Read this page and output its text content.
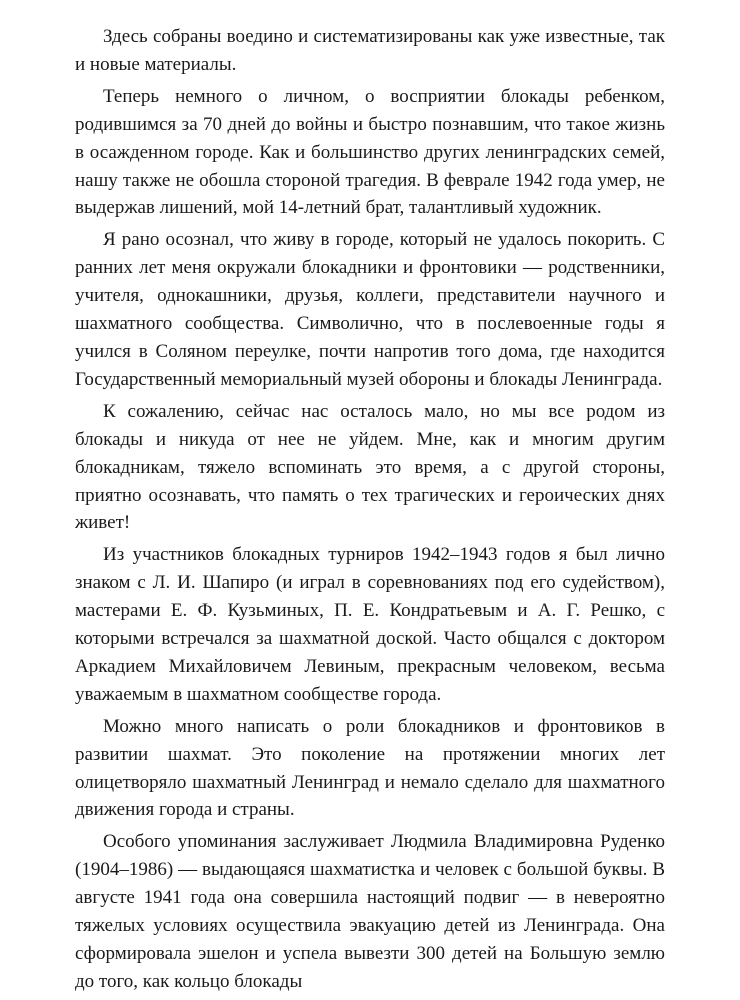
Здесь собраны воедино и систематизированы как уже известные, так и новые материалы.

Теперь немного о личном, о восприятии блокады ребенком, родившимся за 70 дней до войны и быстро познавшим, что такое жизнь в осажденном городе. Как и большинство других ленинградских семей, нашу также не обошла стороной трагедия. В феврале 1942 года умер, не выдержав лишений, мой 14-летний брат, талантливый художник.

Я рано осознал, что живу в городе, который не удалось покорить. С ранних лет меня окружали блокадники и фронтовики — родственники, учителя, однокашники, друзья, коллеги, представители научного и шахматного сообщества. Символично, что в послевоенные годы я учился в Соляном переулке, почти напротив того дома, где находится Государственный мемориальный музей обороны и блокады Ленинграда.

К сожалению, сейчас нас осталось мало, но мы все родом из блокады и никуда от нее не уйдем. Мне, как и многим другим блокадникам, тяжело вспоминать это время, а с другой стороны, приятно осознавать, что память о тех трагических и героических днях живет!

Из участников блокадных турниров 1942–1943 годов я был лично знаком с Л. И. Шапиро (и играл в соревнованиях под его судейством), мастерами Е. Ф. Кузьминых, П. Е. Кондратьевым и А. Г. Решко, с которыми встречался за шахматной доской. Часто общался с доктором Аркадием Михайловичем Левиным, прекрасным человеком, весьма уважаемым в шахматном сообществе города.

Можно много написать о роли блокадников и фронтовиков в развитии шахмат. Это поколение на протяжении многих лет олицетворяло шахматный Ленинград и немало сделало для шахматного движения города и страны.

Особого упоминания заслуживает Людмила Владимировна Руденко (1904–1986) — выдающаяся шахматистка и человек с большой буквы. В августе 1941 года она совершила настоящий подвиг — в невероятно тяжелых условиях осуществила эвакуацию детей из Ленинграда. Она сформировала эшелон и успела вывезти 300 детей на Большую землю до того, как кольцо блокады
